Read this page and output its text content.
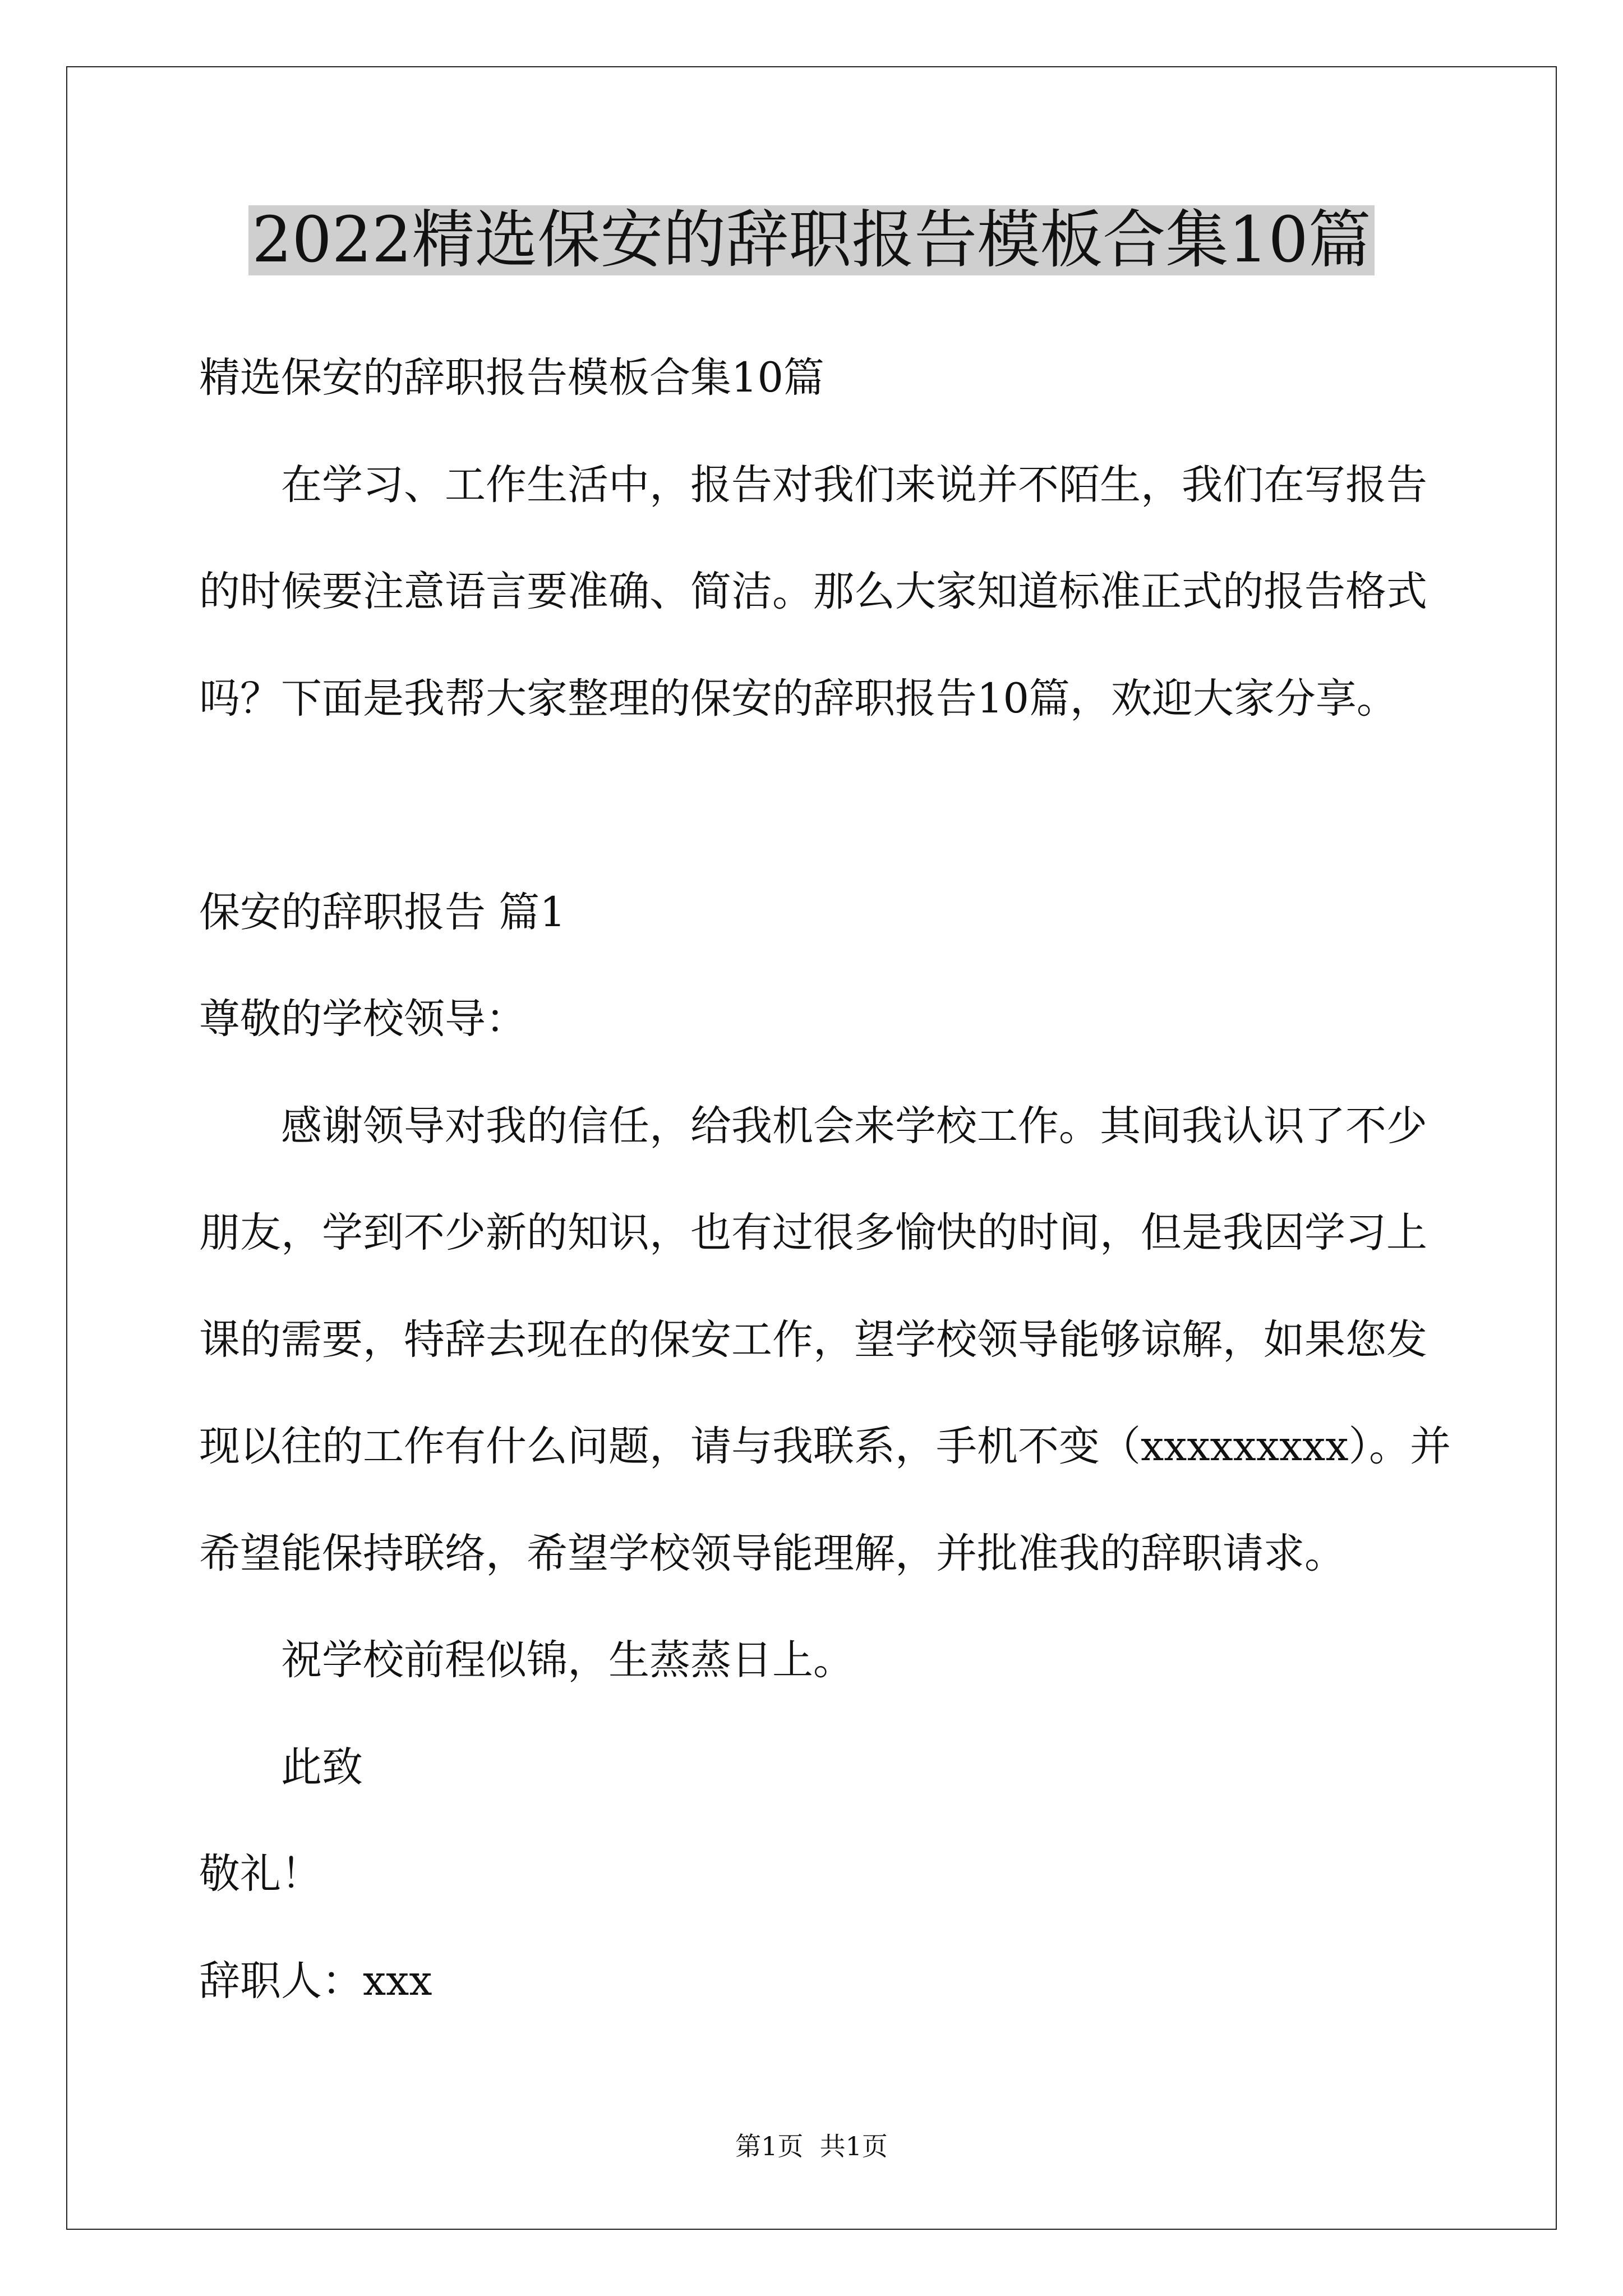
2022精选保安的辞职报告模板合集10篇
精选保安的辞职报告模板合集10篇
在学习、工作生活中，报告对我们来说并不陌生，我们在写报告
的时候要注意语言要准确、简洁。那么大家知道标准正式的报告格式
吗？下面是我帮大家整理的保安的辞职报告10篇，欢迎大家分享。
保安的辞职报告 篇1
尊敬的学校领导：
感谢领导对我的信任，给我机会来学校工作。其间我认识了不少
朋友，学到不少新的知识，也有过很多愉快的时间，但是我因学习上
课的需要，特辞去现在的保安工作，望学校领导能够谅解，如果您发
现以往的工作有什么问题，请与我联系，手机不变（xxxxxxxxx）。并
希望能保持联络，希望学校领导能理解，并批准我的辞职请求。
祝学校前程似锦，生蒸蒸日上。
此致
敬礼！
辞职人：xxx
第1页  共1页
